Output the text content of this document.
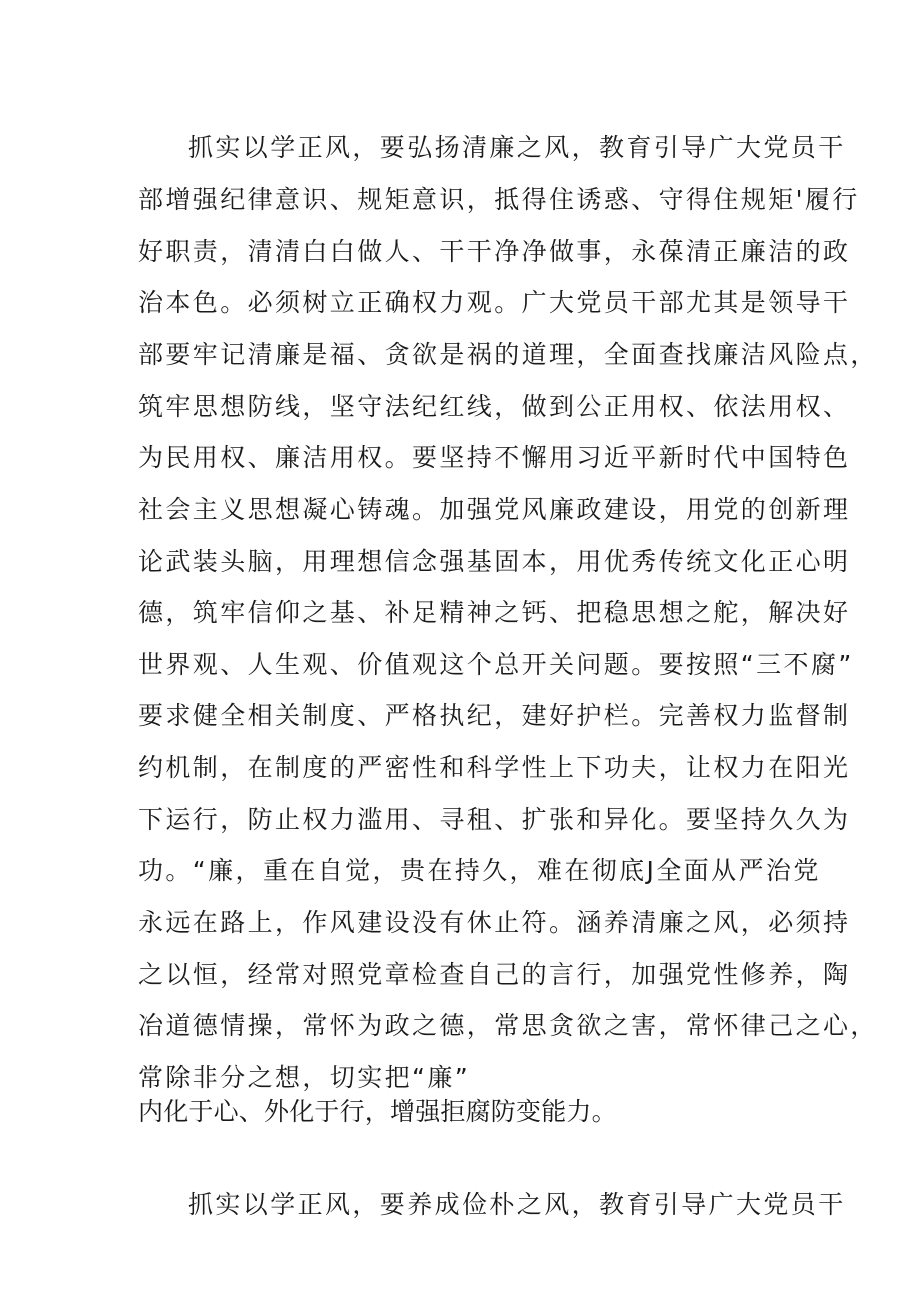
抓实以学正风，要弘扬清廉之风，教育引导广大党员干
部增强纪律意识、规矩意识，抵得住诱惑、守得住规矩'履行
好职责，清清白白做人、干干净净做事，永葆清正廉洁的政
治本色。必须树立正确权力观。广大党员干部尤其是领导干
部要牢记清廉是福、贪欲是祸的道理，全面查找廉洁风险点，
筑牢思想防线，坚守法纪红线，做到公正用权、依法用权、
为民用权、廉洁用权。要坚持不懈用习近平新时代中国特色
社会主义思想凝心铸魂。加强党风廉政建设，用党的创新理
论武装头脑，用理想信念强基固本，用优秀传统文化正心明
德，筑牢信仰之基、补足精神之钙、把稳思想之舵，解决好
世界观、人生观、价值观这个总开关问题。要按照“三不腐”
要求健全相关制度、严格执纪，建好护栏。完善权力监督制
约机制，在制度的严密性和科学性上下功夫，让权力在阳光
下运行，防止权力滥用、寻租、扩张和异化。要坚持久久为
功。“廉，重在自觉，贵在持久，难在彻底J全面从严治党
永远在路上，作风建设没有休止符。涵养清廉之风，必须持
之以恒，经常对照党章检查自己的言行，加强党性修养，陶
冶道德情操，常怀为政之德，常思贪欲之害，常怀律己之心，
常除非分之想，切实把“廉”
内化于心、外化于行，增强拒腐防变能力。
抓实以学正风，要养成俭朴之风，教育引导广大党员干
